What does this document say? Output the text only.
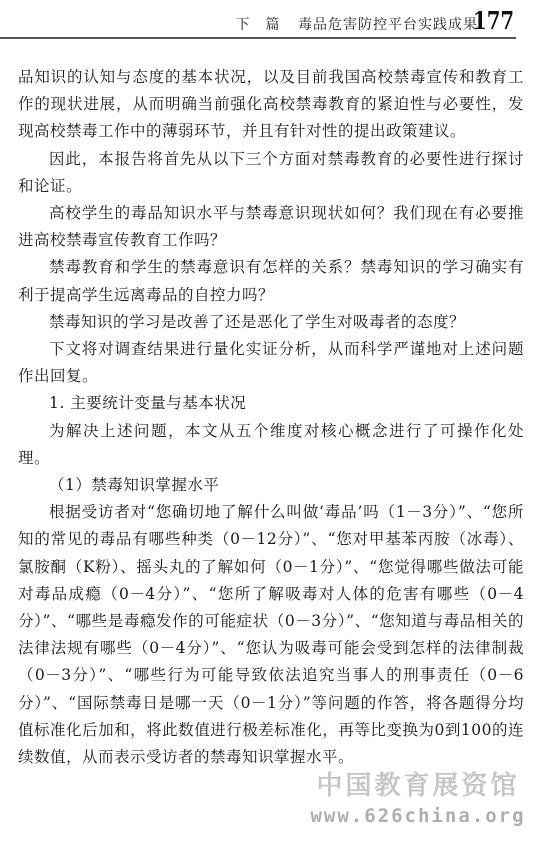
下　篇 毒品危害防控平台实践成果
177

品知识的认知与态度的基本状况，以及目前我国高校禁毒宣传和教育工作的现状进展，从而明确当前强化高校禁毒教育的紧迫性与必要性，发现高校禁毒工作中的薄弱环节，并且有针对性的提出政策建议。

因此，本报告将首先从以下三个方面对禁毒教育的必要性进行探讨和论证。

高校学生的毒品知识水平与禁毒意识现状如何？我们现在有必要推进高校禁毒宣传教育工作吗？

禁毒教育和学生的禁毒意识有怎样的关系？禁毒知识的学习确实有利于提高学生远离毒品的自控力吗？

禁毒知识的学习是改善了还是恶化了学生对吸毒者的态度？

下文将对调查结果进行量化实证分析，从而科学严谨地对上述问题作出回复。

1. 主要统计变量与基本状况

为解决上述问题，本文从五个维度对核心概念进行了可操作化处理。

（1）禁毒知识掌握水平

根据受访者对“您确切地了解什么叫做‘毒品’吗（1－3分）”、“您所知的常见的毒品有哪些种类（0－12分）”、“您对甲基苯丙胺（冰毒）、氯胺酮（K粉）、摇头丸的了解如何（0－1分）”、“您觉得哪些做法可能对毒品成瘾（0－4分）”、“您所了解吸毒对人体的危害有哪些（0－4分）”、“哪些是毒瘾发作的可能症状（0－3分）”、“您知道与毒品相关的法律法规有哪些（0－4分）”、“您认为吸毒可能会受到怎样的法律制裁（0－3分）”、“哪些行为可能导致依法追究当事人的刑事责任（0－6分）”、“国际禁毒日是哪一天（0－1分）”等问题的作答，将各题得分均值标准化后加和，将此数值进行极差标准化，再等比变换为0到100的连续数值，从而表示受访者的禁毒知识掌握水平。

中国教育展资馆
www.626china.org
